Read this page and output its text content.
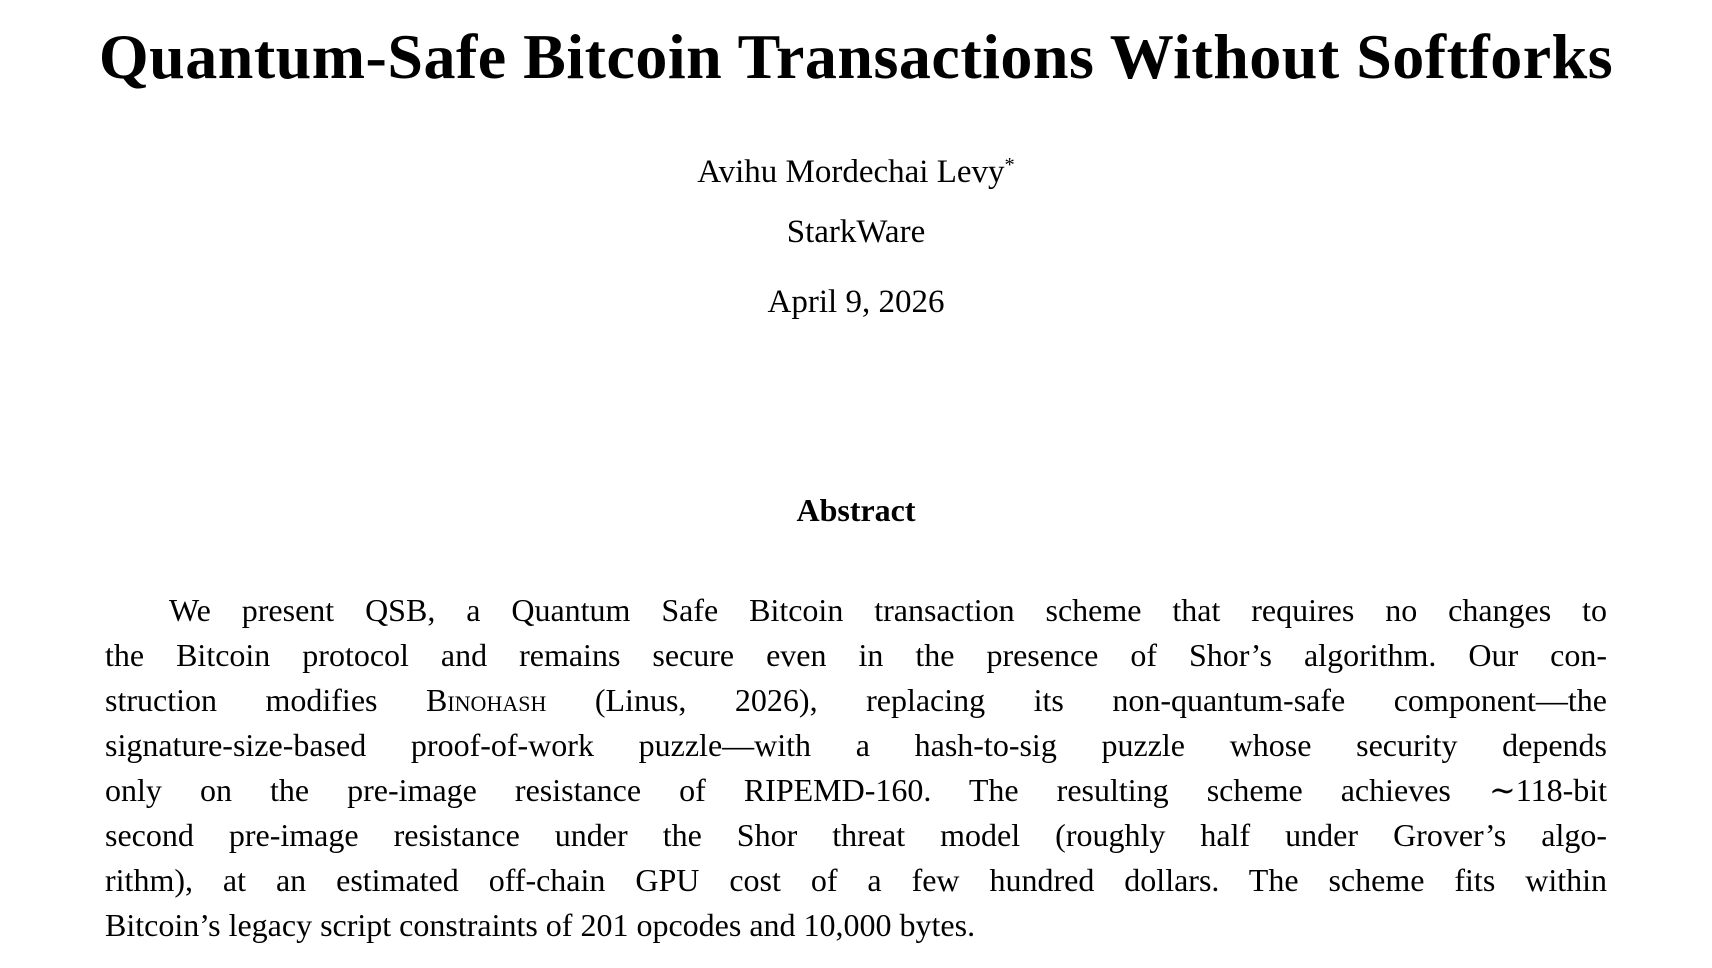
Quantum-Safe Bitcoin Transactions Without Softforks
Avihu Mordechai Levy*
StarkWare
April 9, 2026
Abstract
We present QSB, a Quantum Safe Bitcoin transaction scheme that requires no changes to
the Bitcoin protocol and remains secure even in the presence of Shor’s algorithm. Our con-
struction modifies Binohash (Linus, 2026), replacing its non-quantum-safe component—the
signature-size-based proof-of-work puzzle—with a hash-to-sig puzzle whose security depends
only on the pre-image resistance of RIPEMD-160. The resulting scheme achieves ∼118-bit
second pre-image resistance under the Shor threat model (roughly half under Grover’s algo-
rithm), at an estimated off-chain GPU cost of a few hundred dollars. The scheme fits within
Bitcoin’s legacy script constraints of 201 opcodes and 10,000 bytes.
